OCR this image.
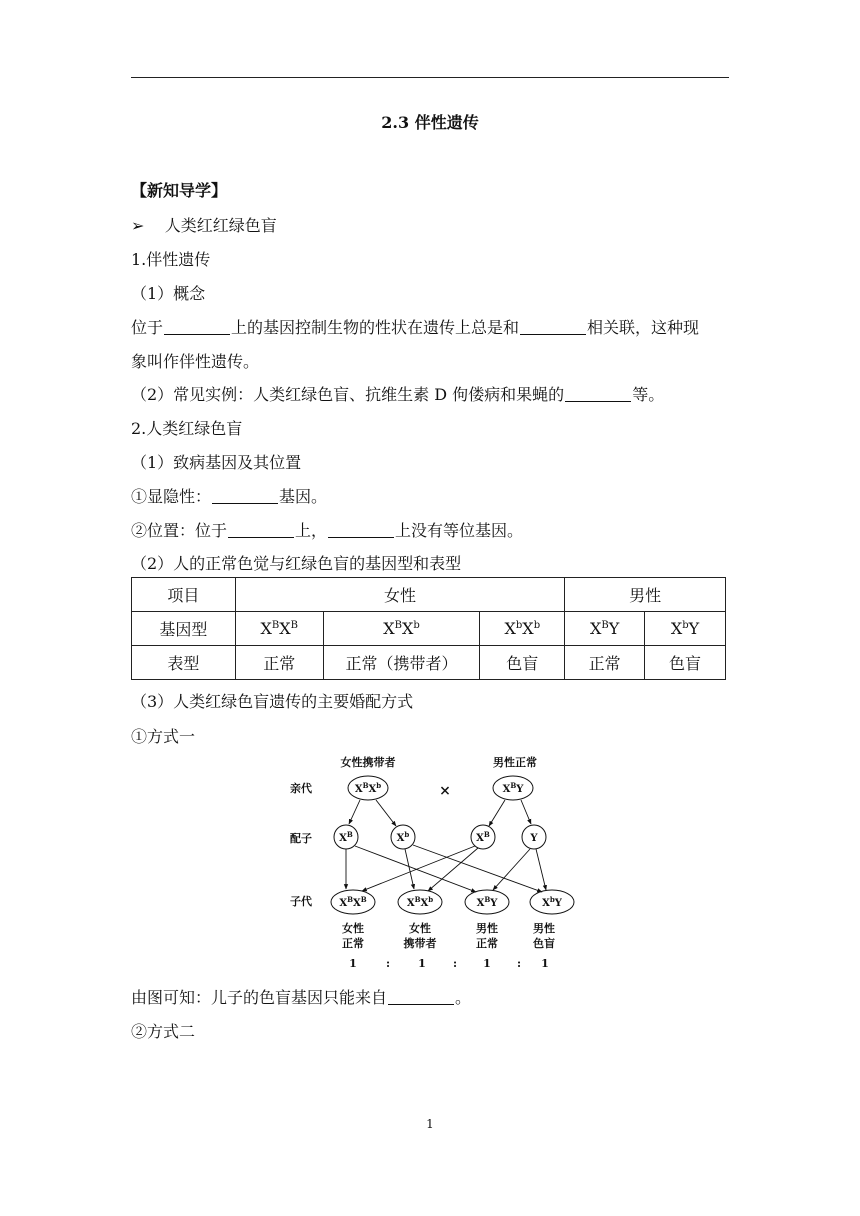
2.3 伴性遗传
【新知导学】
➢ 人类红红绿色盲
1.伴性遗传
（1）概念
位于	上的基因控制生物的性状在遗传上总是和	相关联，这种现
象叫作伴性遗传。
（2）常见实例：人类红绿色盲、抗维生素 D 佝偻病和果蝇的	等。
2.人类红绿色盲
（1）致病基因及其位置
①显隐性：	基因。
②位置：位于	上，	上没有等位基因。
（2）人的正常色觉与红绿色盲的基因型和表型
项目	女性			男性	
基因型	$X^BX^B$	$X^BX^b$	$X^bX^b$	$X^BY$	$X^bY$
表型	正常	正常（携带者）	色盲	正常	色盲
（3）人类红绿色盲遗传的主要婚配方式
①方式一
女性携带者	男性正常
亲代
配子
子代
×
$X^BX^b$	$X^BY$
$X^B$	$X^b$	$X^B$	Y
$X^BX^B$	$X^BX^b$	$X^BY$	$X^bY$
女性
正常
女性
携带者
男性
正常
男性
色盲
1	:	1 : 1 : 1
由图可知：儿子的色盲基因只能来自	。
②方式二
1
